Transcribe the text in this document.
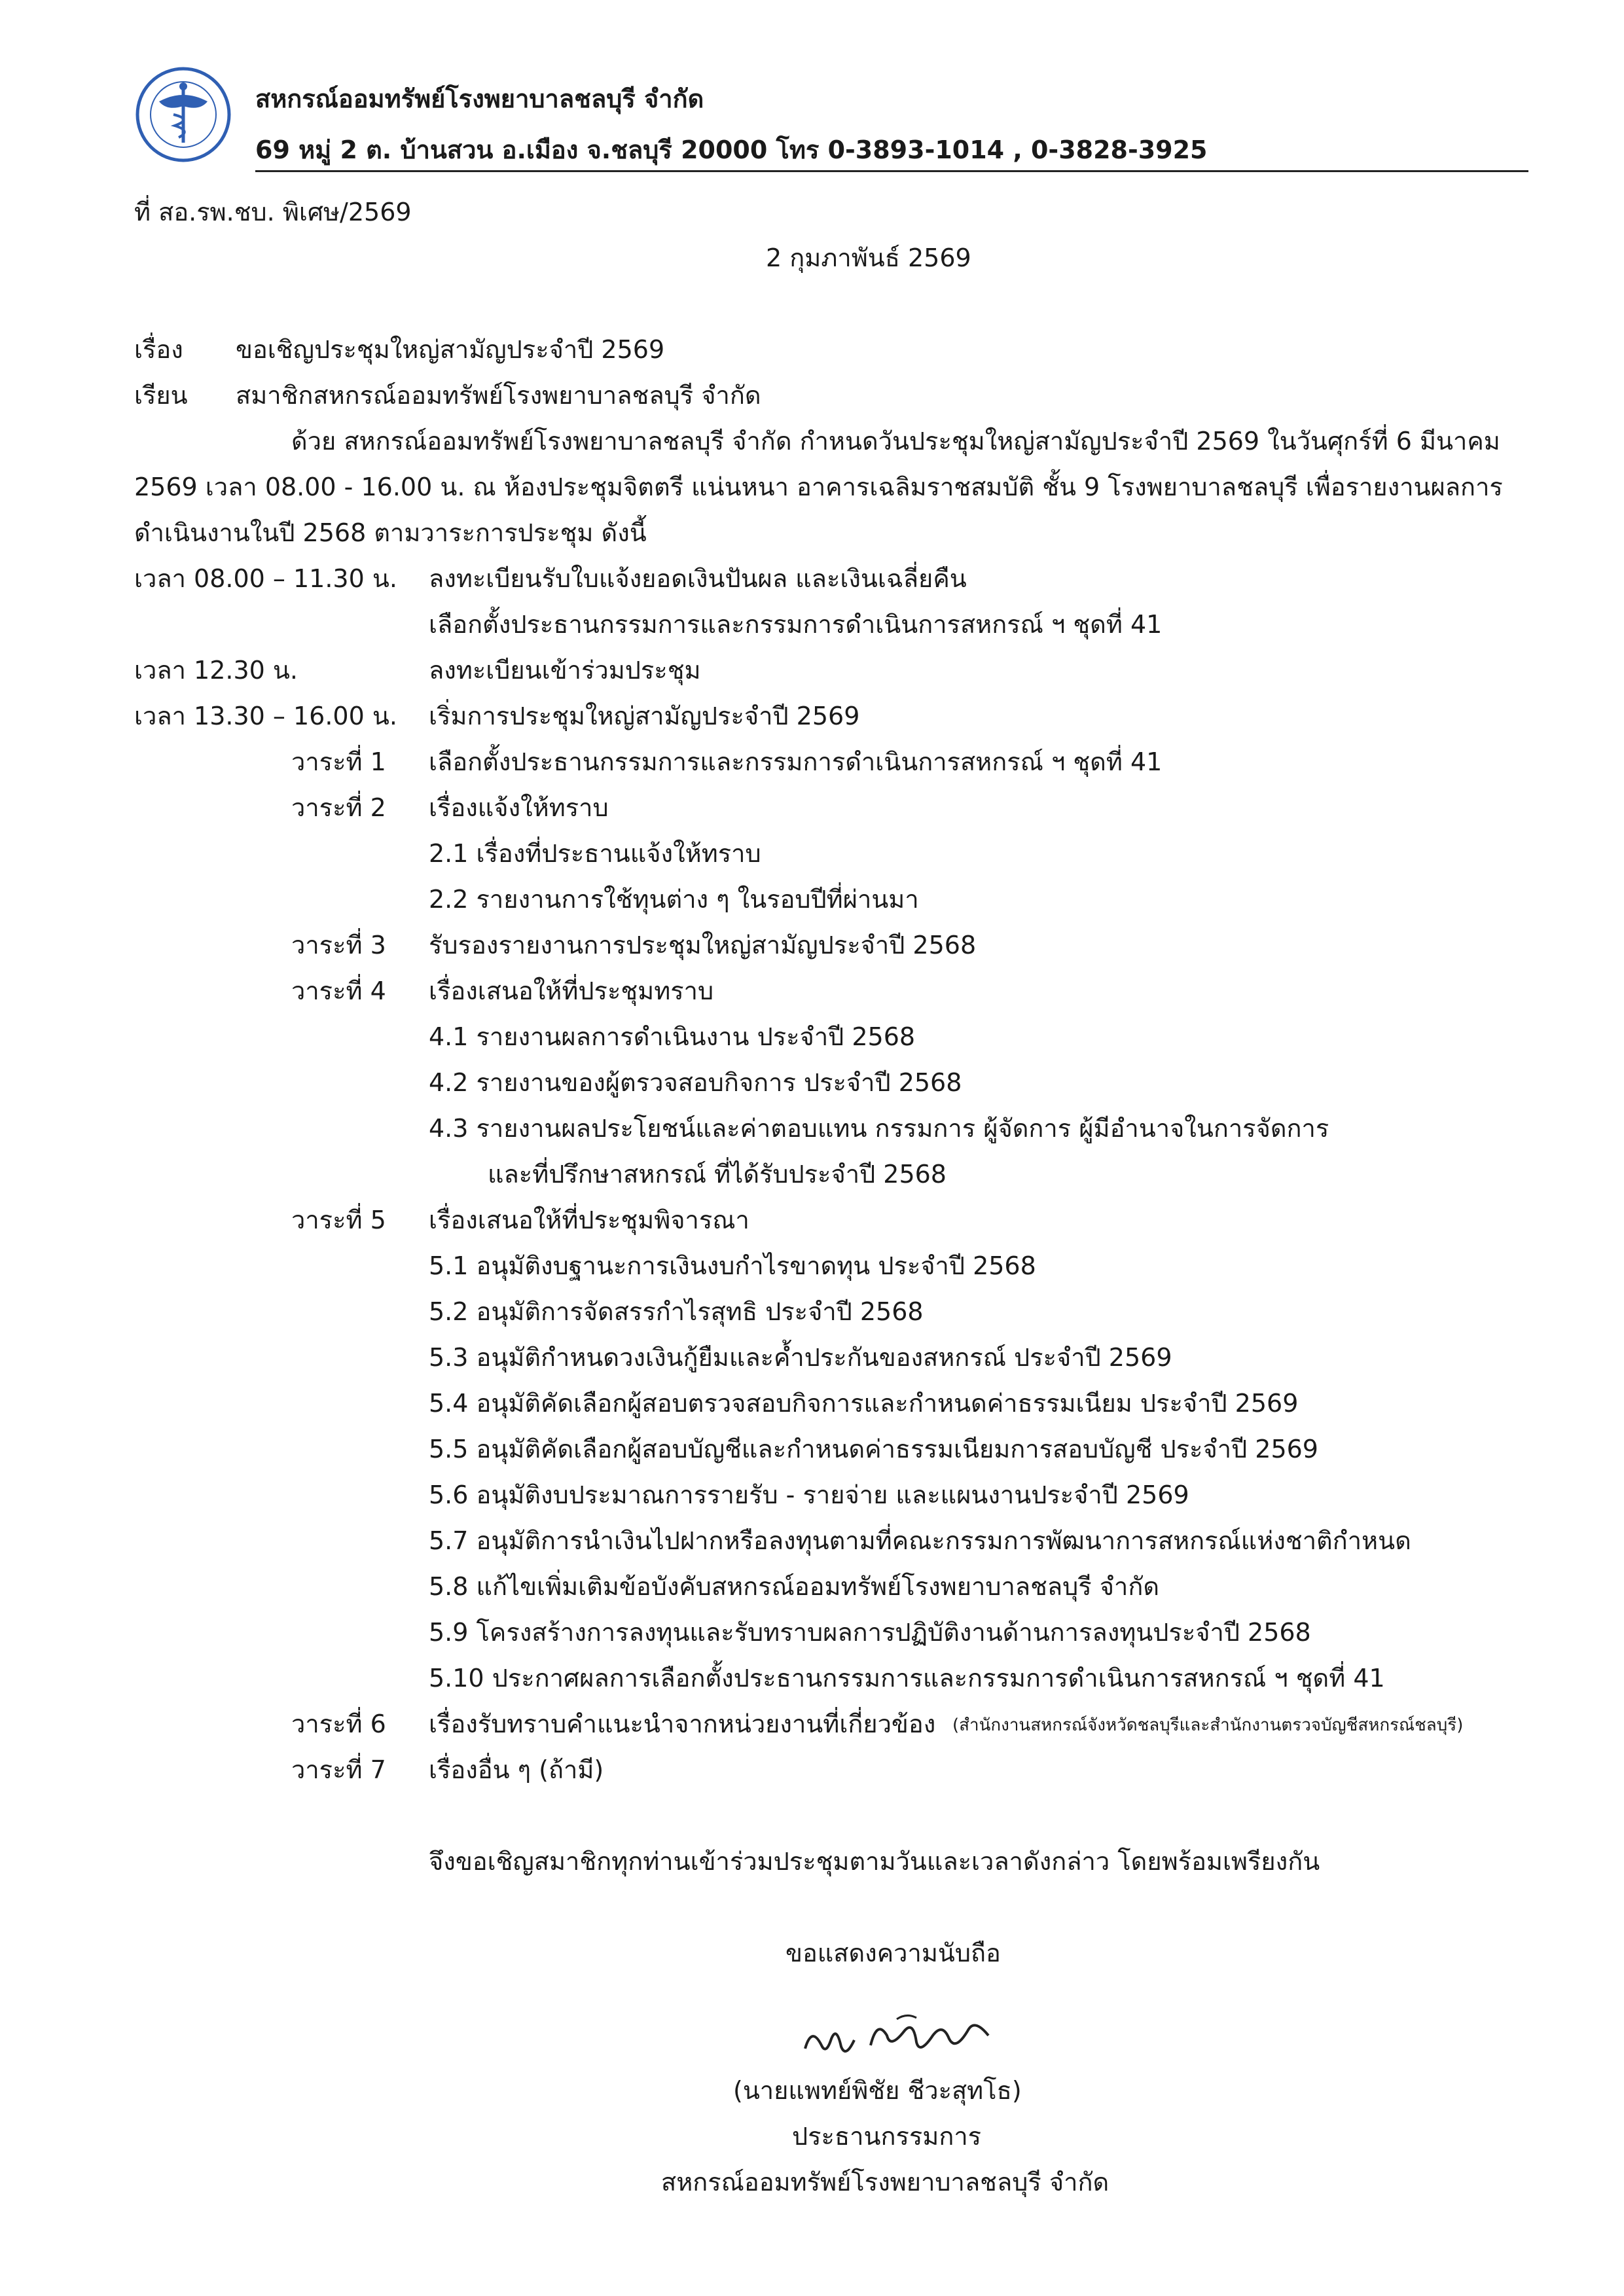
สหกรณ์ออมทรัพย์โรงพยาบาลชลบุรี จำกัด
69 หมู่ 2 ต. บ้านสวน อ.เมือง จ.ชลบุรี 20000 โทร 0-3893-1014 , 0-3828-3925
ที่ สอ.รพ.ชบ. พิเศษ/2569
2 กุมภาพันธ์ 2569
เรื่อง ขอเชิญประชุมใหญ่สามัญประจำปี 2569
เรียน สมาชิกสหกรณ์ออมทรัพย์โรงพยาบาลชลบุรี จำกัด
ด้วย สหกรณ์ออมทรัพย์โรงพยาบาลชลบุรี จำกัด กำหนดวันประชุมใหญ่สามัญประจำปี 2569 ในวันศุกร์ที่ 6 มีนาคม
2569 เวลา 08.00 - 16.00 น. ณ ห้องประชุมจิตตรี แน่นหนา อาคารเฉลิมราชสมบัติ ชั้น 9 โรงพยาบาลชลบุรี เพื่อรายงานผลการ
ดำเนินงานในปี 2568 ตามวาระการประชุม ดังนี้
เวลา 08.00 – 11.30 น. ลงทะเบียนรับใบแจ้งยอดเงินปันผล และเงินเฉลี่ยคืน
เลือกตั้งประธานกรรมการและกรรมการดำเนินการสหกรณ์ ฯ ชุดที่ 41
เวลา 12.30 น.	ลงทะเบียนเข้าร่วมประชุม
เวลา 13.30 – 16.00 น. เริ่มการประชุมใหญ่สามัญประจำปี 2569
วาระที่ 1 เลือกตั้งประธานกรรมการและกรรมการดำเนินการสหกรณ์ ฯ ชุดที่ 41
วาระที่ 2 เรื่องแจ้งให้ทราบ
2.1 เรื่องที่ประธานแจ้งให้ทราบ
2.2 รายงานการใช้ทุนต่าง ๆ ในรอบปีที่ผ่านมา
วาระที่ 3 รับรองรายงานการประชุมใหญ่สามัญประจำปี 2568
วาระที่ 4 เรื่องเสนอให้ที่ประชุมทราบ
4.1 รายงานผลการดำเนินงาน ประจำปี 2568
4.2 รายงานของผู้ตรวจสอบกิจการ ประจำปี 2568
4.3 รายงานผลประโยชน์และค่าตอบแทน กรรมการ ผู้จัดการ ผู้มีอำนาจในการจัดการ
และที่ปรึกษาสหกรณ์ ที่ได้รับประจำปี 2568
วาระที่ 5 เรื่องเสนอให้ที่ประชุมพิจารณา
5.1 อนุมัติงบฐานะการเงินงบกำไรขาดทุน ประจำปี 2568
5.2 อนุมัติการจัดสรรกำไรสุทธิ ประจำปี 2568
5.3 อนุมัติกำหนดวงเงินกู้ยืมและค้ำประกันของสหกรณ์ ประจำปี 2569
5.4 อนุมัติคัดเลือกผู้สอบตรวจสอบกิจการและกำหนดค่าธรรมเนียม ประจำปี 2569
5.5 อนุมัติคัดเลือกผู้สอบบัญชีและกำหนดค่าธรรมเนียมการสอบบัญชี ประจำปี 2569
5.6 อนุมัติงบประมาณการรายรับ - รายจ่าย และแผนงานประจำปี 2569
5.7 อนุมัติการนำเงินไปฝากหรือลงทุนตามที่คณะกรรมการพัฒนาการสหกรณ์แห่งชาติกำหนด
5.8 แก้ไขเพิ่มเติมข้อบังคับสหกรณ์ออมทรัพย์โรงพยาบาลชลบุรี จำกัด
5.9 โครงสร้างการลงทุนและรับทราบผลการปฏิบัติงานด้านการลงทุนประจำปี 2568
5.10 ประกาศผลการเลือกตั้งประธานกรรมการและกรรมการดำเนินการสหกรณ์ ฯ ชุดที่ 41
วาระที่ 6 เรื่องรับทราบคำแนะนำจากหน่วยงานที่เกี่ยวข้อง (สำนักงานสหกรณ์จังหวัดชลบุรีและสำนักงานตรวจบัญชีสหกรณ์ชลบุรี)
วาระที่ 7 เรื่องอื่น ๆ (ถ้ามี)
จึงขอเชิญสมาชิกทุกท่านเข้าร่วมประชุมตามวันและเวลาดังกล่าว โดยพร้อมเพรียงกัน
ขอแสดงความนับถือ
(นายแพทย์พิชัย ชีวะสุทโธ)
ประธานกรรมการ
สหกรณ์ออมทรัพย์โรงพยาบาลชลบุรี จำกัด
